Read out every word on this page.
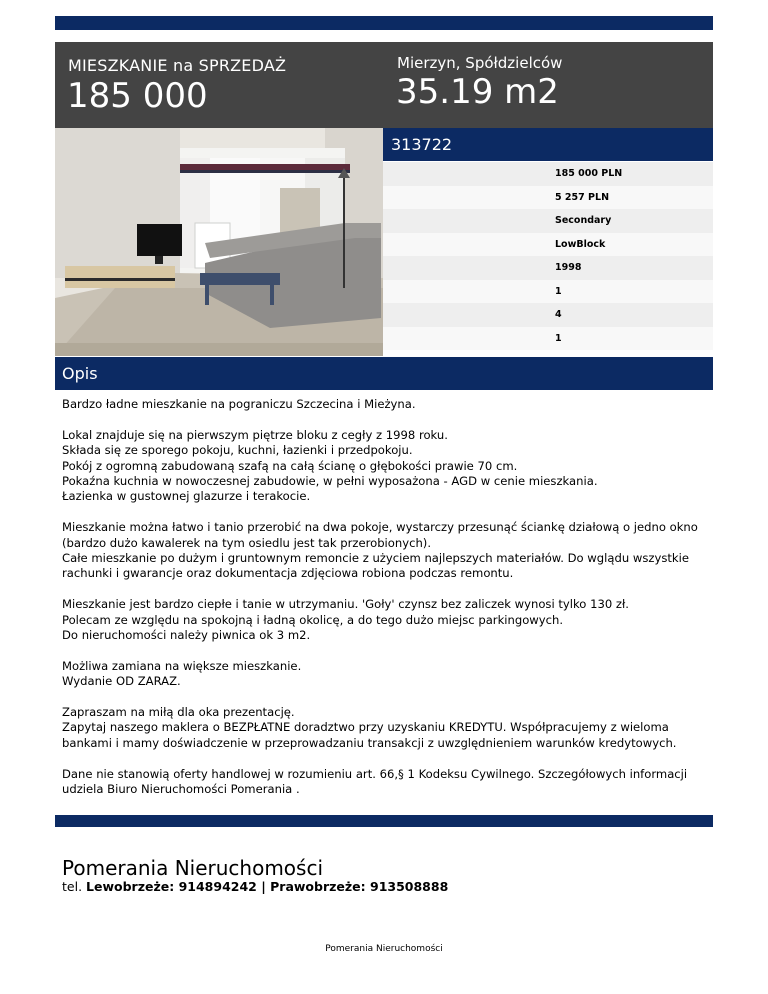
MIESZKANIE na SPRZEDAŻ
185 000
Mierzyn, Spółdzielców
35.19 m2
313722
185 000 PLN
5 257 PLN
Secondary
LowBlock
1998
1
4
1
Opis

Bardzo ładne mieszkanie na pograniczu Szczecina i Mieżyna.

Lokal znajduje się na pierwszym piętrze bloku z cegły z 1998 roku.
Składa się ze sporego pokoju, kuchni, łazienki i przedpokoju.
Pokój z ogromną zabudowaną szafą na całą ścianę o głębokości prawie 70 cm.
Pokaźna kuchnia w nowoczesnej zabudowie, w pełni wyposażona - AGD w cenie mieszkania.
Łazienka w gustownej glazurze i terakocie.

Mieszkanie można łatwo i tanio przerobić na dwa pokoje, wystarczy przesunąć ściankę działową o jedno okno (bardzo dużo kawalerek na tym osiedlu jest tak przerobionych).
Całe mieszkanie po dużym i gruntownym remoncie z użyciem najlepszych materiałów. Do wglądu wszystkie rachunki i gwarancje oraz dokumentacja zdjęciowa robiona podczas remontu.

Mieszkanie jest bardzo ciepłe i tanie w utrzymaniu. 'Goły' czynsz bez zaliczek wynosi tylko 130 zł.
Polecam ze względu na spokojną i ładną okolicę, a do tego dużo miejsc parkingowych.
Do nieruchomości należy piwnica ok 3 m2.

Możliwa zamiana na większe mieszkanie.
Wydanie OD ZARAZ.

Zapraszam na miłą dla oka prezentację.
Zapytaj naszego maklera o BEZPŁATNE doradztwo przy uzyskaniu KREDYTU. Współpracujemy z wieloma bankami i mamy doświadczenie w przeprowadzaniu transakcji z uwzględnieniem warunków kredytowych.

Dane nie stanowią oferty handlowej w rozumieniu art. 66,§ 1 Kodeksu Cywilnego. Szczegółowych informacji udziela Biuro Nieruchomości Pomerania .

Pomerania Nieruchomości
tel. Lewobrzeże: 914894242 | Prawobrzeże: 913508888
Pomerania Nieruchomości
